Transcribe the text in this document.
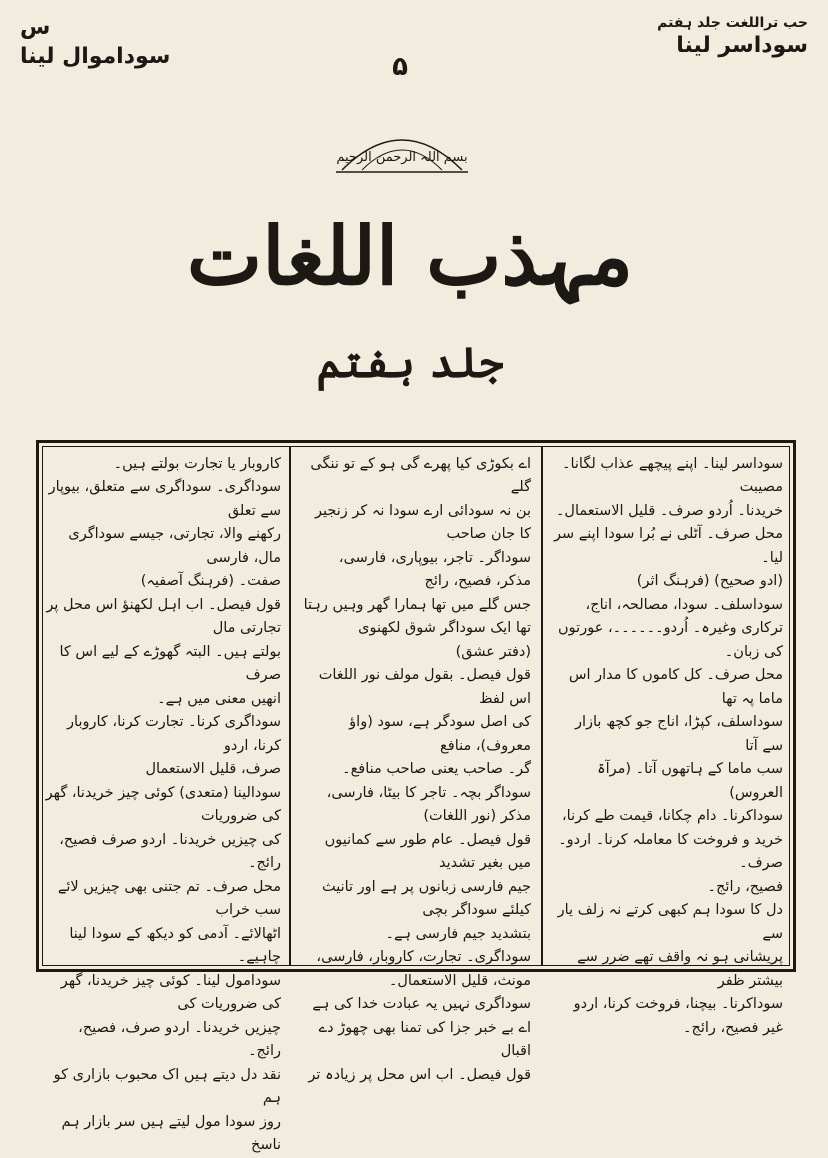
حب تراللغت جلد ہفتم
سوداسر لینا
س
سوداموال لینا	۵
بسم اللہ الرحمن الرحیم
مہذب اللغات
جلد ہفتم
سوداسر لینا۔ اپنے پیچھے عذاب لگانا۔ مصیبت
خریدنا۔ اُردو صرف۔ قلیل الاستعمال۔
محل صرف۔ آٹلی نے بُرا سودا اپنے سر لیا۔
(ادو صحیح) (فرہنگ اثر)
سوداسلف۔ سودا، مصالحہ، اناج،
ترکاری وغیرہ۔ اُردو۔۔۔۔۔۔، عورتوں
کی زبان۔
محل صرف۔ کل کاموں کا مدار اس ماما پہ تھا
سوداسلف، کپڑا، اناج جو کچھ بازار سے آتا
سب ماما کے ہاتھوں آتا۔ (مرآۃ العروس)
سوداکرنا۔ دام چکانا، قیمت طے کرنا،
خرید و فروخت کا معاملہ کرنا۔ اردو۔ صرف۔
فصیح، رائج۔
دل کا سودا ہم کبھی کرتے نہ زلف یار سے
پریشانی ہو نہ واقف تھے ضرر سے بیشتر ظفر
سوداکرنا۔ بیچنا، فروخت کرنا، اردو
غیر فصیح، رائج۔
اے بکوڑی کیا پھرے گی ہو کے تو ننگی گلے
بن نہ سودائی ارے سودا نہ کر زنجیر کا جان صاحب
سوداگر۔ تاجر، بیوپاری، فارسی، مذکر، فصیح، رائج
جس گلے میں تھا ہمارا گھر وہیں رہتا تھا ایک سوداگر شوق لکھنوی
(دفتر عشق)
قول فیصل۔ بقول مولف نور اللغات اس لفظ
کی اصل سودگر ہے، سود (واؤ معروف)، منافع
گر۔ صاحب یعنی صاحب منافع۔
سوداگر بچہ۔ تاجر کا بیٹا، فارسی، مذکر (نور اللغات)
قول فیصل۔ عام طور سے کمانیوں میں بغیر تشدید
جیم فارسی زبانوں پر ہے اور تانیث کیلئے سوداگر بچی
بتشدید جیم فارسی ہے۔
سوداگری۔ تجارت، کاروبار، فارسی،
مونث، قلیل الاستعمال۔
سوداگری نہیں یہ عبادت خدا کی ہے
اے بے خبر جزا کی تمنا بھی چھوڑ دے اقبال
قول فیصل۔ اب اس محل پر زیادہ تر
کاروبار یا تجارت بولتے ہیں۔
سوداگری۔ سوداگری سے متعلق، بیوپار سے تعلق
رکھنے والا، تجارتی، جیسے سوداگری مال، فارسی
صفت۔ (فرہنگ آصفیہ)
قول فیصل۔ اب اہل لکھنؤ اس محل پر تجارتی مال
بولتے ہیں۔ البتہ گھوڑے کے لیے اس کا صرف
انھیں معنی میں ہے۔
سوداگری کرنا۔ تجارت کرنا، کاروبار کرنا، اردو
صرف، قلیل الاستعمال
سودالینا (متعدی) کوئی چیز خریدنا، گھر کی ضروریات
کی چیزیں خریدنا۔ اردو صرف فصیح، رائج۔
محل صرف۔ تم جتنی بھی چیزیں لائے سب خراب
اٹھالائے۔ آدمی کو دیکھ کے سودا لینا چاہیے۔
سودامول لینا۔ کوئی چیز خریدنا، گھر کی ضروریات کی
چیزیں خریدنا۔ اردو صرف، فصیح، رائج۔
نقد دل دیتے ہیں اک محبوب بازاری کو ہم
روز سودا مول لیتے ہیں سر بازار ہم ناسخ
